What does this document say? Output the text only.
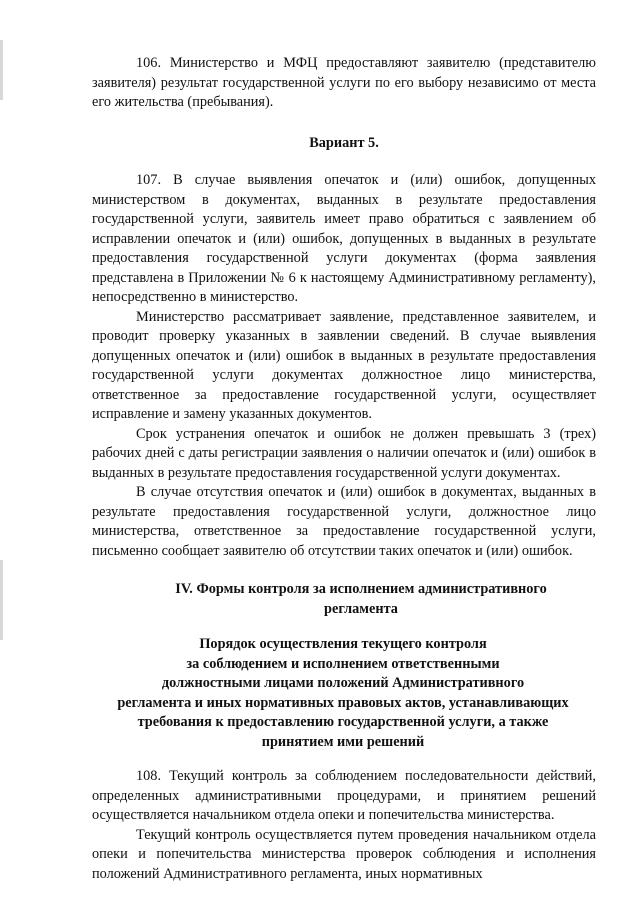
106. Министерство и МФЦ предоставляют заявителю (представителю заявителя) результат государственной услуги по его выбору независимо от места его жительства (пребывания).

Вариант 5.

107. В случае выявления опечаток и (или) ошибок, допущенных министерством в документах, выданных в результате предоставления государственной услуги, заявитель имеет право обратиться с заявлением об исправлении опечаток и (или) ошибок, допущенных в выданных в результате предоставления государственной услуги документах (форма заявления представлена в Приложении № 6 к настоящему Административному регламенту), непосредственно в министерство.

Министерство рассматривает заявление, представленное заявителем, и проводит проверку указанных в заявлении сведений. В случае выявления допущенных опечаток и (или) ошибок в выданных в результате предоставления государственной услуги документах должностное лицо министерства, ответственное за предоставление государственной услуги, осуществляет исправление и замену указанных документов.

Срок устранения опечаток и ошибок не должен превышать 3 (трех) рабочих дней с даты регистрации заявления о наличии опечаток и (или) ошибок в выданных в результате предоставления государственной услуги документах.

В случае отсутствия опечаток и (или) ошибок в документах, выданных в результате предоставления государственной услуги, должностное лицо министерства, ответственное за предоставление государственной услуги, письменно сообщает заявителю об отсутствии таких опечаток и (или) ошибок.

IV. Формы контроля за исполнением административного
регламента
Порядок осуществления текущего контроля
за соблюдением и исполнением ответственными
должностными лицами положений Административного
регламента и иных нормативных правовых актов, устанавливающих
требования к предоставлению государственной услуги, а также
принятием ими решений

108. Текущий контроль за соблюдением последовательности действий, определенных административными процедурами, и принятием решений осуществляется начальником отдела опеки и попечительства министерства.

Текущий контроль осуществляется путем проведения начальником отдела опеки и попечительства министерства проверок соблюдения и исполнения положений Административного регламента, иных нормативных
